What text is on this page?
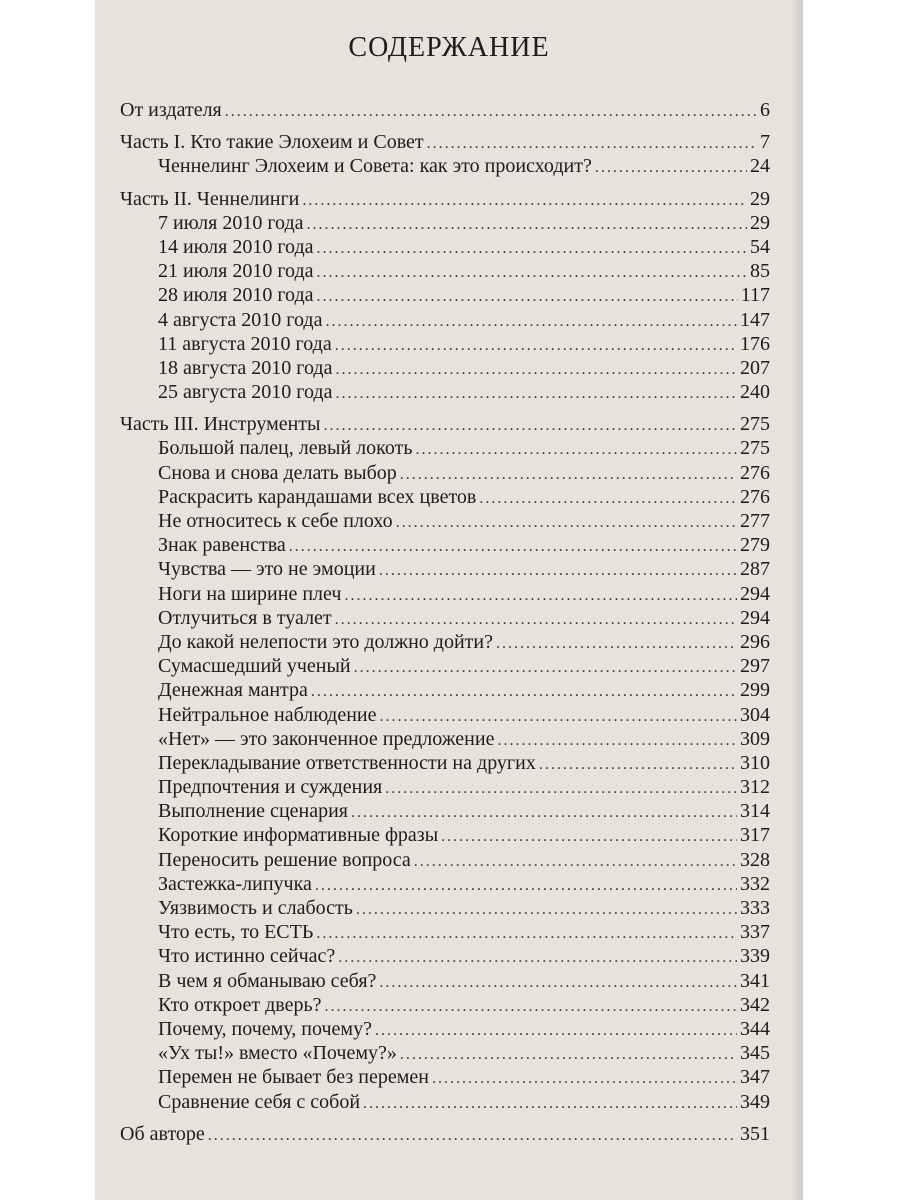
СОДЕРЖАНИЕ
От издателя .....	6
Часть I. Кто такие Элохеим и Совет .....	7
Ченнелинг Элохеим и Совета: как это происходит? .....	24
Часть II. Ченнелинги .....	29
7 июля 2010 года .....	29
14 июля 2010 года .....	54
21 июля 2010 года .....	85
28 июля 2010 года .....	117
4 августа 2010 года .....	147
11 августа 2010 года .....	176
18 августа 2010 года .....	207
25 августа 2010 года .....	240
Часть III. Инструменты .....	275
Большой палец, левый локоть .....	275
Снова и снова делать выбор .....	276
Раскрасить карандашами всех цветов .....	276
Не относитесь к себе плохо .....	277
Знак равенства .....	279
Чувства — это не эмоции .....	287
Ноги на ширине плеч .....	294
Отлучиться в туалет .....	294
До какой нелепости это должно дойти? .....	296
Сумасшедший ученый .....	297
Денежная мантра .....	299
Нейтральное наблюдение .....	304
«Нет» — это законченное предложение .....	309
Перекладывание ответственности на других .....	310
Предпочтения и суждения .....	312
Выполнение сценария .....	314
Короткие информативные фразы .....	317
Переносить решение вопроса .....	328
Застежка-липучка .....	332
Уязвимость и слабость .....	333
Что есть, то ЕСТЬ .....	337
Что истинно сейчас? .....	339
В чем я обманываю себя? .....	341
Кто откроет дверь? .....	342
Почему, почему, почему? .....	344
«Ух ты!» вместо «Почему?» .....	345
Перемен не бывает без перемен .....	347
Сравнение себя с собой .....	349
Об авторе .....	351
